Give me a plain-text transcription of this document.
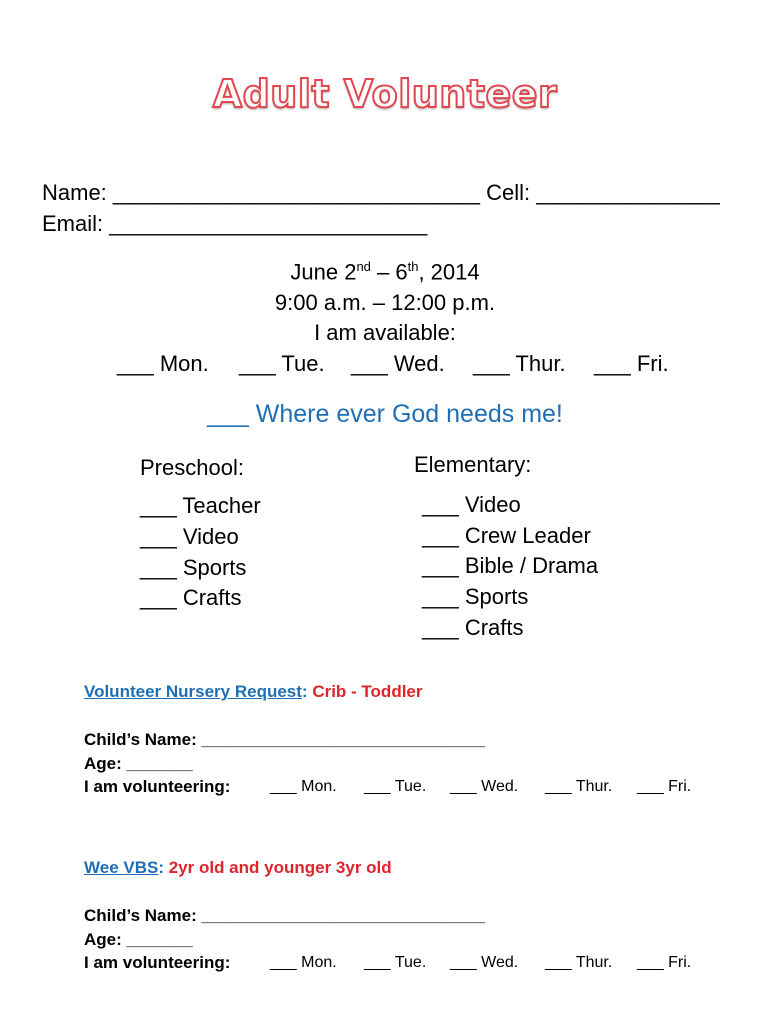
Adult Volunteer
Name: ______________________________ Cell: _______________
Email: __________________________
June 2nd – 6th, 2014
9:00 a.m. – 12:00 p.m.
I am available:
___ Mon. ___ Tue. ___ Wed. ___ Thur. ___ Fri.
___ Where ever God needs me!
Preschool:
___ Teacher
___ Video
___ Sports
___ Crafts
Elementary:
___ Video
___ Crew Leader
___ Bible / Drama
___ Sports
___ Crafts
Volunteer Nursery Request: Crib - Toddler
Child’s Name: ______________________________
Age: _______
I am volunteering: ___ Mon. ___ Tue. ___ Wed. ___ Thur. ___ Fri.
Wee VBS: 2yr old and younger 3yr old
Child’s Name: ______________________________
Age: _______
I am volunteering: ___ Mon. ___ Tue. ___ Wed. ___ Thur. ___ Fri.
